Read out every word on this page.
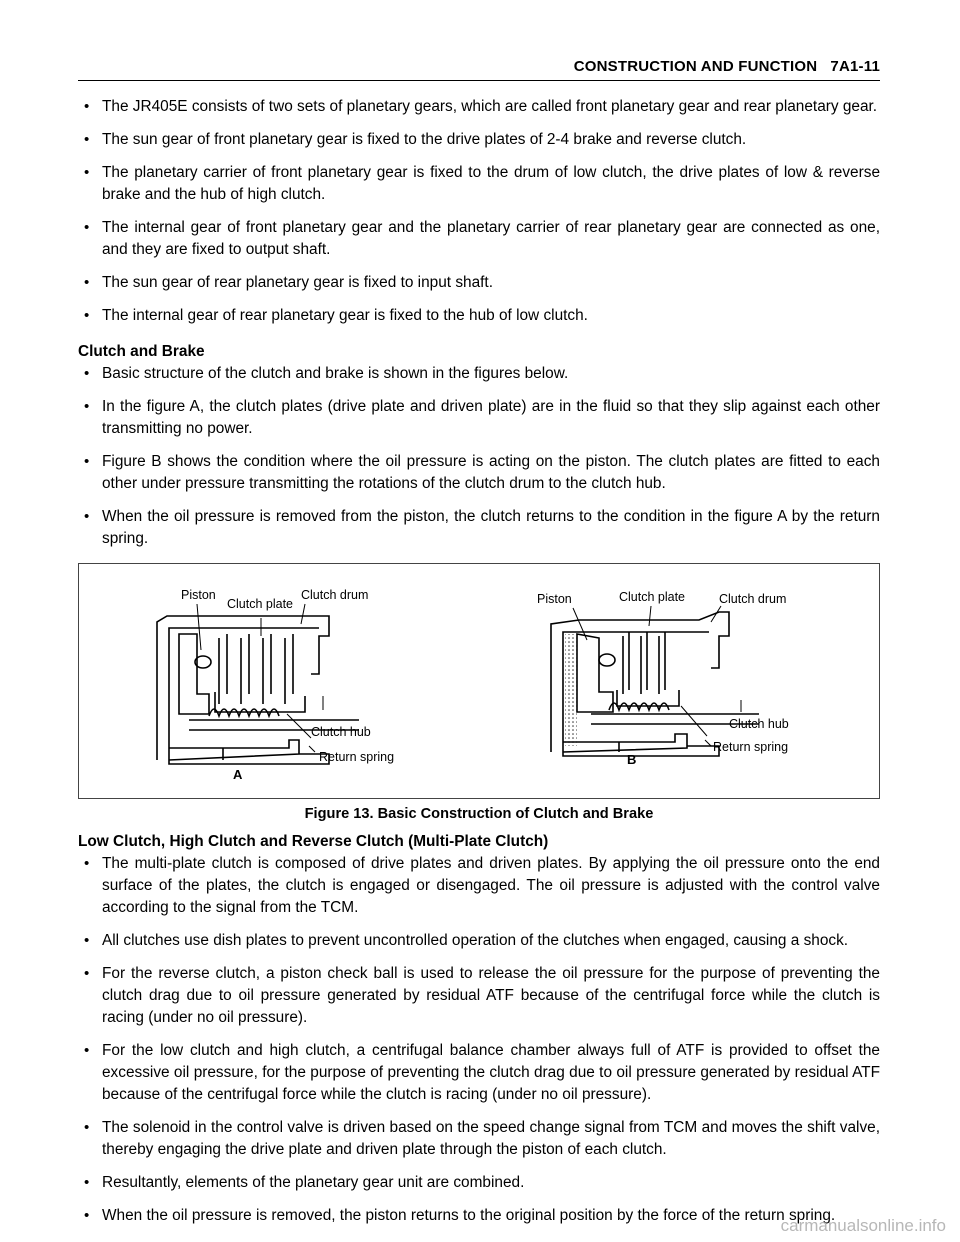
CONSTRUCTION AND FUNCTION 7A1-11
• The JR405E consists of two sets of planetary gears, which are called front planetary gear and rear planetary gear.
• The sun gear of front planetary gear is fixed to the drive plates of 2-4 brake and reverse clutch.
• The planetary carrier of front planetary gear is fixed to the drum of low clutch, the drive plates of low & reverse brake and the hub of high clutch.
• The internal gear of front planetary gear and the planetary carrier of rear planetary gear are connected as one, and they are fixed to output shaft.
• The sun gear of rear planetary gear is fixed to input shaft.
• The internal gear of rear planetary gear is fixed to the hub of low clutch.
Clutch and Brake
• Basic structure of the clutch and brake is shown in the figures below.
• In the figure A, the clutch plates (drive plate and driven plate) are in the fluid so that they slip against each other transmitting no power.
• Figure B shows the condition where the oil pressure is acting on the piston. The clutch plates are fitted to each other under pressure transmitting the rotations of the clutch drum to the clutch hub.
• When the oil pressure is removed from the piston, the clutch returns to the condition in the figure A by the return spring.
Piston
Clutch plate
Clutch drum
Clutch hub
Return spring
A
Piston	Clutch plate	Clutch drum
Clutch hub
Return spring
B
Figure 13. Basic Construction of Clutch and Brake
Low Clutch, High Clutch and Reverse Clutch (Multi-Plate Clutch)
• The multi-plate clutch is composed of drive plates and driven plates. By applying the oil pressure onto the end surface of the plates, the clutch is engaged or disengaged. The oil pressure is adjusted with the control valve according to the signal from the TCM.
• All clutches use dish plates to prevent uncontrolled operation of the clutches when engaged, causing a shock.
• For the reverse clutch, a piston check ball is used to release the oil pressure for the purpose of preventing the clutch drag due to oil pressure generated by residual ATF because of the centrifugal force while the clutch is racing (under no oil pressure).
• For the low clutch and high clutch, a centrifugal balance chamber always full of ATF is provided to offset the excessive oil pressure, for the purpose of preventing the clutch drag due to oil pressure generated by residual ATF because of the centrifugal force while the clutch is racing (under no oil pressure).
• The solenoid in the control valve is driven based on the speed change signal from TCM and moves the shift valve, thereby engaging the drive plate and driven plate through the piston of each clutch.
• Resultantly, elements of the planetary gear unit are combined.
• When the oil pressure is removed, the piston returns to the original position by the force of the return spring.
carmanualsonline.info
